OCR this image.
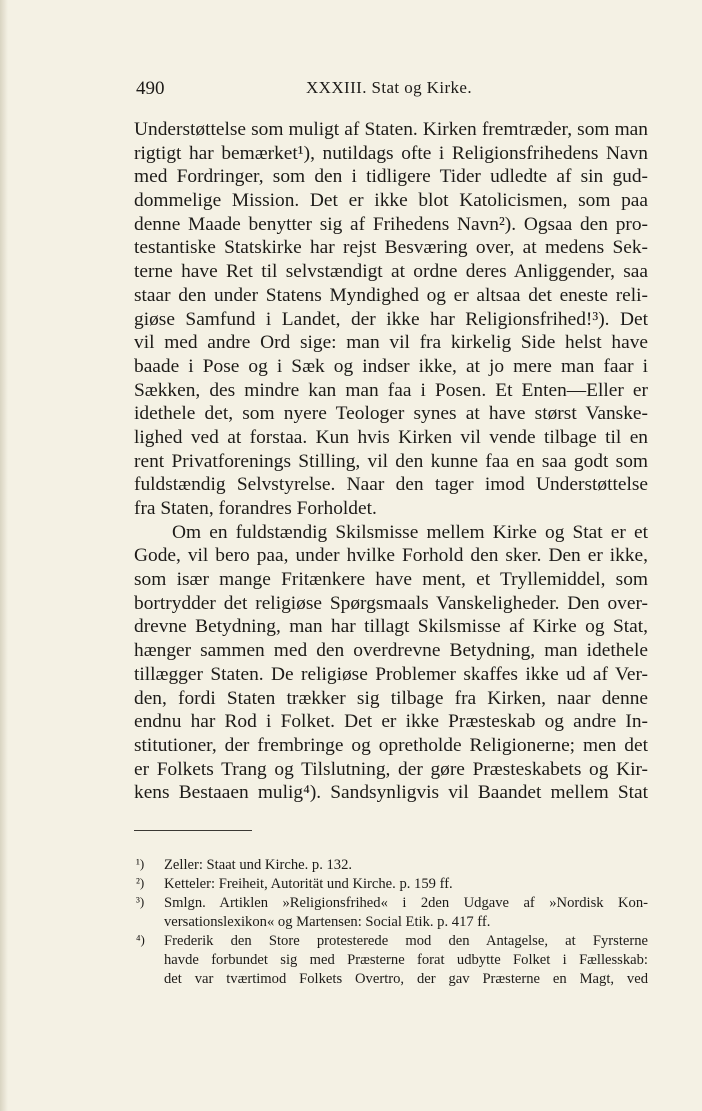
490	XXXIII. Stat og Kirke.
Understøttelse som muligt af Staten. Kirken fremtræder, som man
rigtigt har bemærket¹), nutildags ofte i Religionsfrihedens Navn
med Fordringer, som den i tidligere Tider udledte af sin gud-
dommelige Mission. Det er ikke blot Katolicismen, som paa
denne Maade benytter sig af Frihedens Navn²). Ogsaa den pro-
testantiske Statskirke har rejst Besværing over, at medens Sek-
terne have Ret til selvstændigt at ordne deres Anliggender, saa
staar den under Statens Myndighed og er altsaa det eneste reli-
giøse Samfund i Landet, der ikke har Religionsfrihed!³). Det
vil med andre Ord sige: man vil fra kirkelig Side helst have
baade i Pose og i Sæk og indser ikke, at jo mere man faar i
Sækken, des mindre kan man faa i Posen. Et Enten—Eller er
idethele det, som nyere Teologer synes at have størst Vanske-
lighed ved at forstaa. Kun hvis Kirken vil vende tilbage til en
rent Privatforenings Stilling, vil den kunne faa en saa godt som
fuldstændig Selvstyrelse. Naar den tager imod Understøttelse
fra Staten, forandres Forholdet.
Om en fuldstændig Skilsmisse mellem Kirke og Stat er et
Gode, vil bero paa, under hvilke Forhold den sker. Den er ikke,
som især mange Fritænkere have ment, et Tryllemiddel, som
bortrydder det religiøse Spørgsmaals Vanskeligheder. Den over-
drevne Betydning, man har tillagt Skilsmisse af Kirke og Stat,
hænger sammen med den overdrevne Betydning, man idethele
tillægger Staten. De religiøse Problemer skaffes ikke ud af Ver-
den, fordi Staten trækker sig tilbage fra Kirken, naar denne
endnu har Rod i Folket. Det er ikke Præsteskab og andre In-
stitutioner, der frembringe og opretholde Religionerne; men det
er Folkets Trang og Tilslutning, der gøre Præsteskabets og Kir-
kens Bestaaen mulig⁴). Sandsynligvis vil Baandet mellem Stat
¹) Zeller: Staat und Kirche. p. 132.
²) Ketteler: Freiheit, Autorität und Kirche. p. 159 ff.
³) Smlgn. Artiklen »Religionsfrihed« i 2den Udgave af »Nordisk Kon-
versationslexikon« og Martensen: Social Etik. p. 417 ff.
⁴) Frederik den Store protesterede mod den Antagelse, at Fyrsterne
havde forbundet sig med Præsterne forat udbytte Folket i Fællesskab:
det var tværtimod Folkets Overtro, der gav Præsterne en Magt, ved
